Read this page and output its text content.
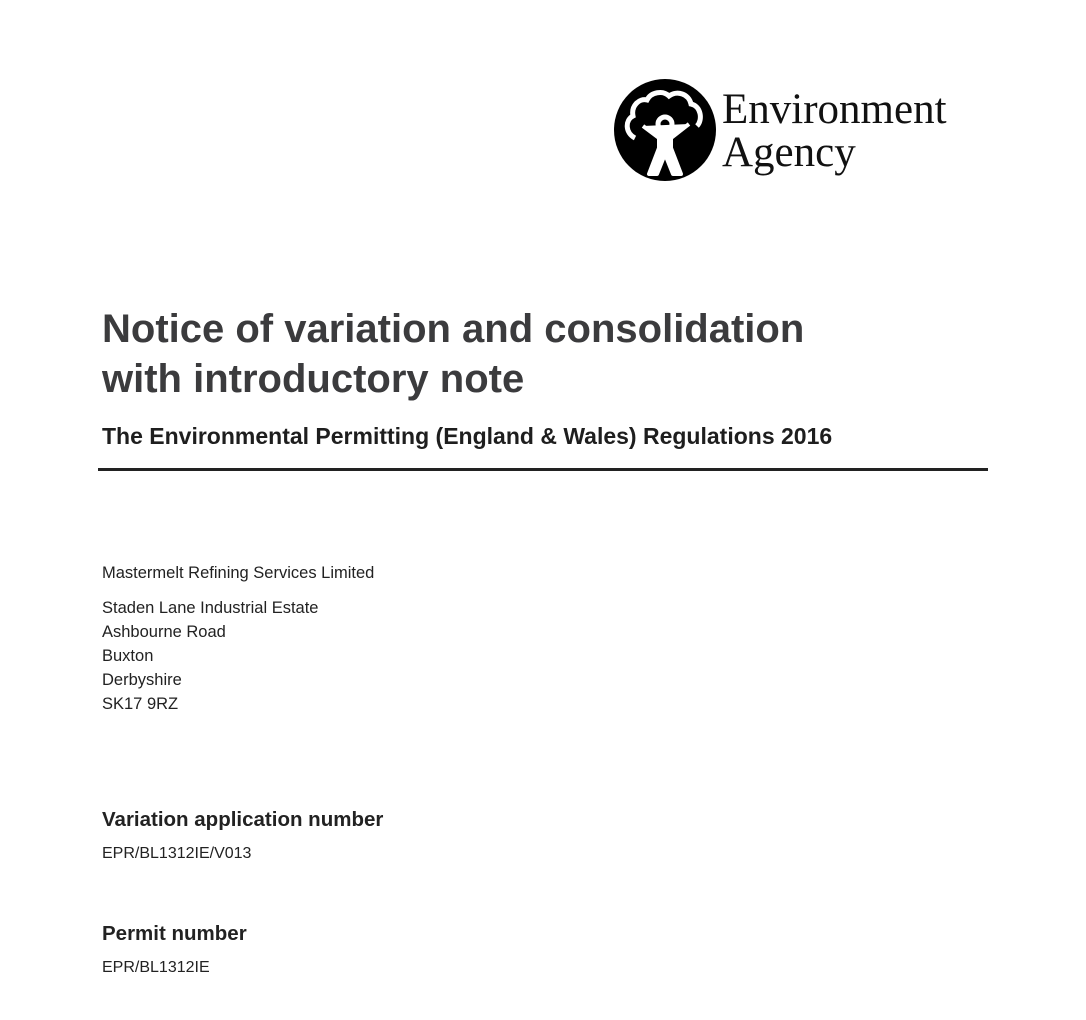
Environment
Agency
Notice of variation and consolidation
with introductory note
The Environmental Permitting (England & Wales) Regulations 2016
Mastermelt Refining Services Limited
Staden Lane Industrial Estate
Ashbourne Road
Buxton
Derbyshire
SK17 9RZ
Variation application number
EPR/BL1312IE/V013
Permit number
EPR/BL1312IE
